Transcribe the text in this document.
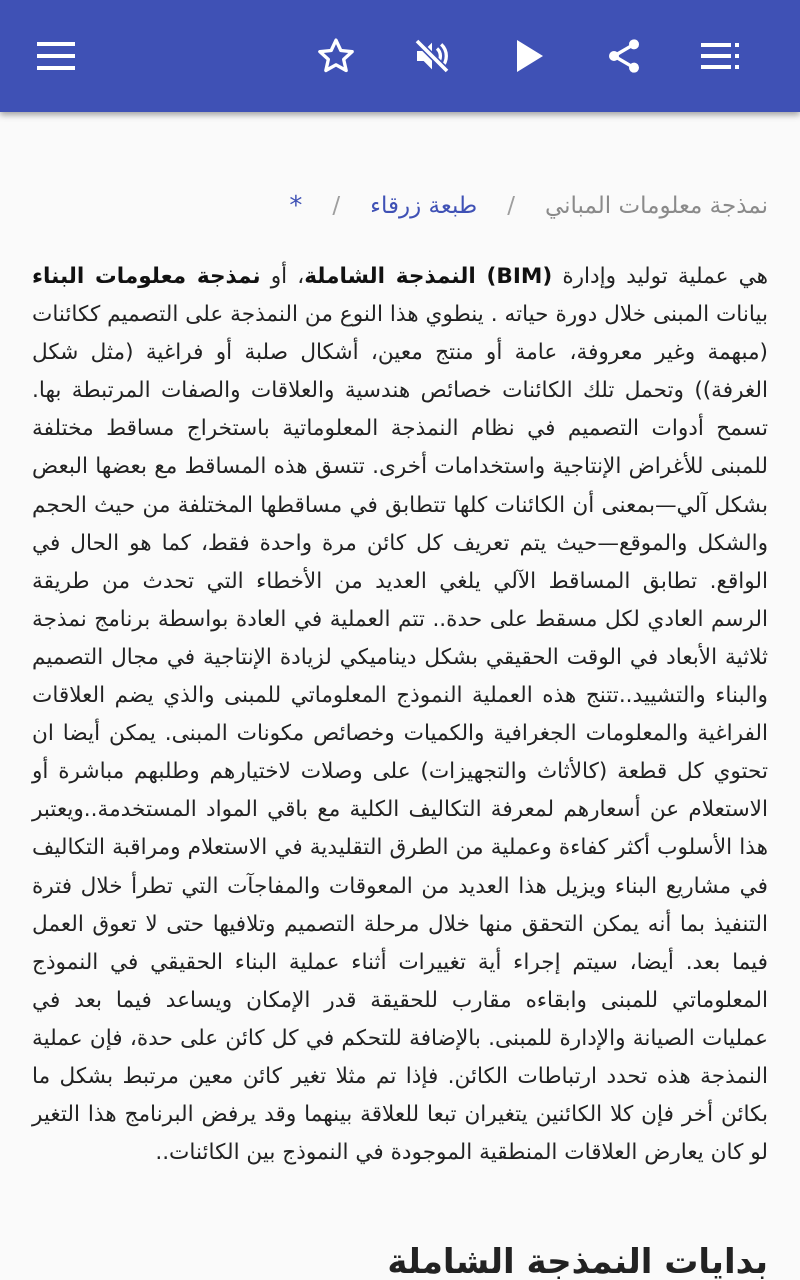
نمذجة معلومات المباني
/
طبعة زرقاء
/
*

هي عملية توليد وإدارة (BIM) النمذجة الشاملة، أو نمذجة معلومات البناء بيانات المبنى خلال دورة حياته . ينطوي هذا النوع من النمذجة على التصميم ككائنات (مبهمة وغير معروفة، عامة أو منتج معين، أشكال صلبة أو فراغية (مثل شكل الغرفة)) وتحمل تلك الكائنات خصائص هندسية والعلاقات والصفات المرتبطة بها. تسمح أدوات التصميم في نظام النمذجة المعلوماتية باستخراج مساقط مختلفة للمبنى للأغراض الإنتاجية واستخدامات أخرى. تتسق هذه المساقط مع بعضها البعض بشكل آلي—بمعنى أن الكائنات كلها تتطابق في مساقطها المختلفة من حيث الحجم والشكل والموقع—حيث يتم تعريف كل كائن مرة واحدة فقط، كما هو الحال في الواقع. تطابق المساقط الآلي يلغي العديد من الأخطاء التي تحدث من طريقة الرسم العادي لكل مسقط على حدة.. تتم العملية في العادة بواسطة برنامج نمذجة ثلاثية الأبعاد في الوقت الحقيقي بشكل ديناميكي لزيادة الإنتاجية في مجال التصميم والبناء والتشييد..تتنج هذه العملية النموذج المعلوماتي للمبنى والذي يضم العلاقات الفراغية والمعلومات الجغرافية والكميات وخصائص مكونات المبنى. يمكن أيضا ان تحتوي كل قطعة (كالأثاث والتجهيزات) على وصلات لاختيارهم وطلبهم مباشرة أو الاستعلام عن أسعارهم لمعرفة التكاليف الكلية مع باقي المواد المستخدمة..ويعتبر هذا الأسلوب أكثر كفاءة وعملية من الطرق التقليدية في الاستعلام ومراقبة التكاليف في مشاريع البناء ويزيل هذا العديد من المعوقات والمفاجآت التي تطرأ خلال فترة التنفيذ بما أنه يمكن التحقق منها خلال مرحلة التصميم وتلافيها حتى لا تعوق العمل فيما بعد. أيضا، سيتم إجراء أية تغييرات أثناء عملية البناء الحقيقي في النموذج المعلوماتي للمبنى وابقاءه مقارب للحقيقة قدر الإمكان ويساعد فيما بعد في عمليات الصيانة والإدارة للمبنى. بالإضافة للتحكم في كل كائن على حدة، فإن عملية النمذجة هذه تحدد ارتباطات الكائن. فإذا تم مثلا تغير كائن معين مرتبط بشكل ما بكائن أخر فإن كلا الكائنين يتغيران تبعا للعلاقة بينهما وقد يرفض البرنامج هذا التغير لو كان يعارض العلاقات المنطقية الموجودة في النموذج بين الكائنات..

بدايات النمذجة الشاملة
